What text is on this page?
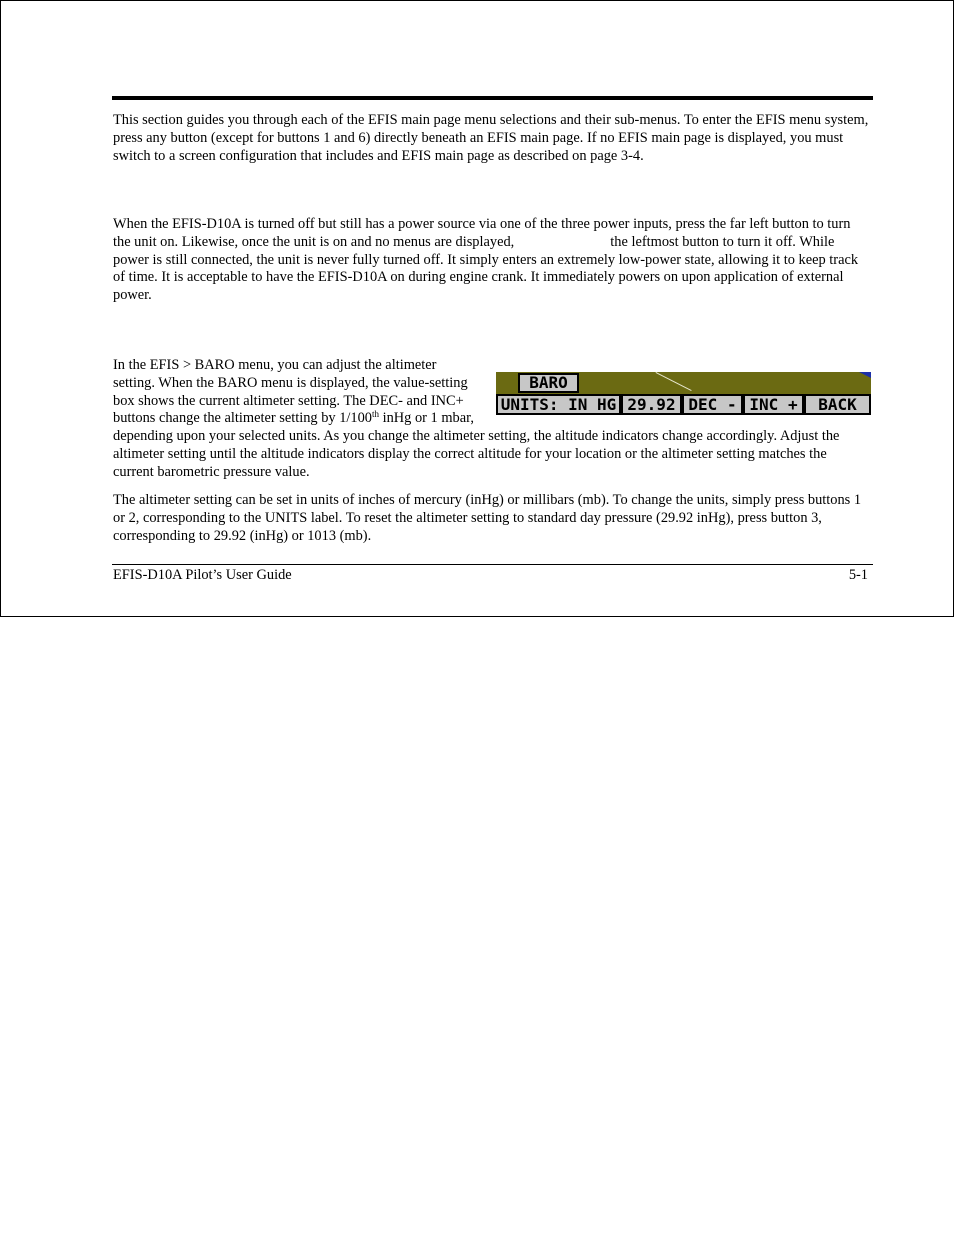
This section guides you through each of the EFIS main page menu selections and their sub-menus. To enter the EFIS menu system, press any button (except for buttons 1 and 6) directly beneath an EFIS main page. If no EFIS main page is displayed, you must switch to a screen configuration that includes and EFIS main page as described on page 3-4.

When the EFIS-D10A is turned off but still has a power source via one of the three power inputs, press the far left button to turn the unit on. Likewise, once the unit is on and no menus are displayed,	the leftmost button to turn it off. While power is still connected, the unit is never fully turned off. It simply enters an extremely low-power state, allowing it to keep track of time. It is acceptable to have the EFIS-D10A on during engine crank. It immediately powers on upon application of external power.

BARO
UNITS: IN HG 29.92 DEC - INC +	BACK
In the EFIS > BARO menu, you can adjust the altimeter setting. When the BARO menu is displayed, the value-setting box shows the current altimeter setting. The DEC- and INC+ buttons change the altimeter setting by 1/100th inHg or 1 mbar, depending upon your selected units. As you change the altimeter setting, the altitude indicators change accordingly. Adjust the altimeter setting until the altitude indicators display the correct altitude for your location or the altimeter setting matches the current barometric pressure value.

The altimeter setting can be set in units of inches of mercury (inHg) or millibars (mb). To change the units, simply press buttons 1 or 2, corresponding to the UNITS label. To reset the altimeter setting to standard day pressure (29.92 inHg), press button 3, corresponding to 29.92 (inHg) or 1013 (mb).

EFIS-D10A Pilot’s User Guide	5-1
